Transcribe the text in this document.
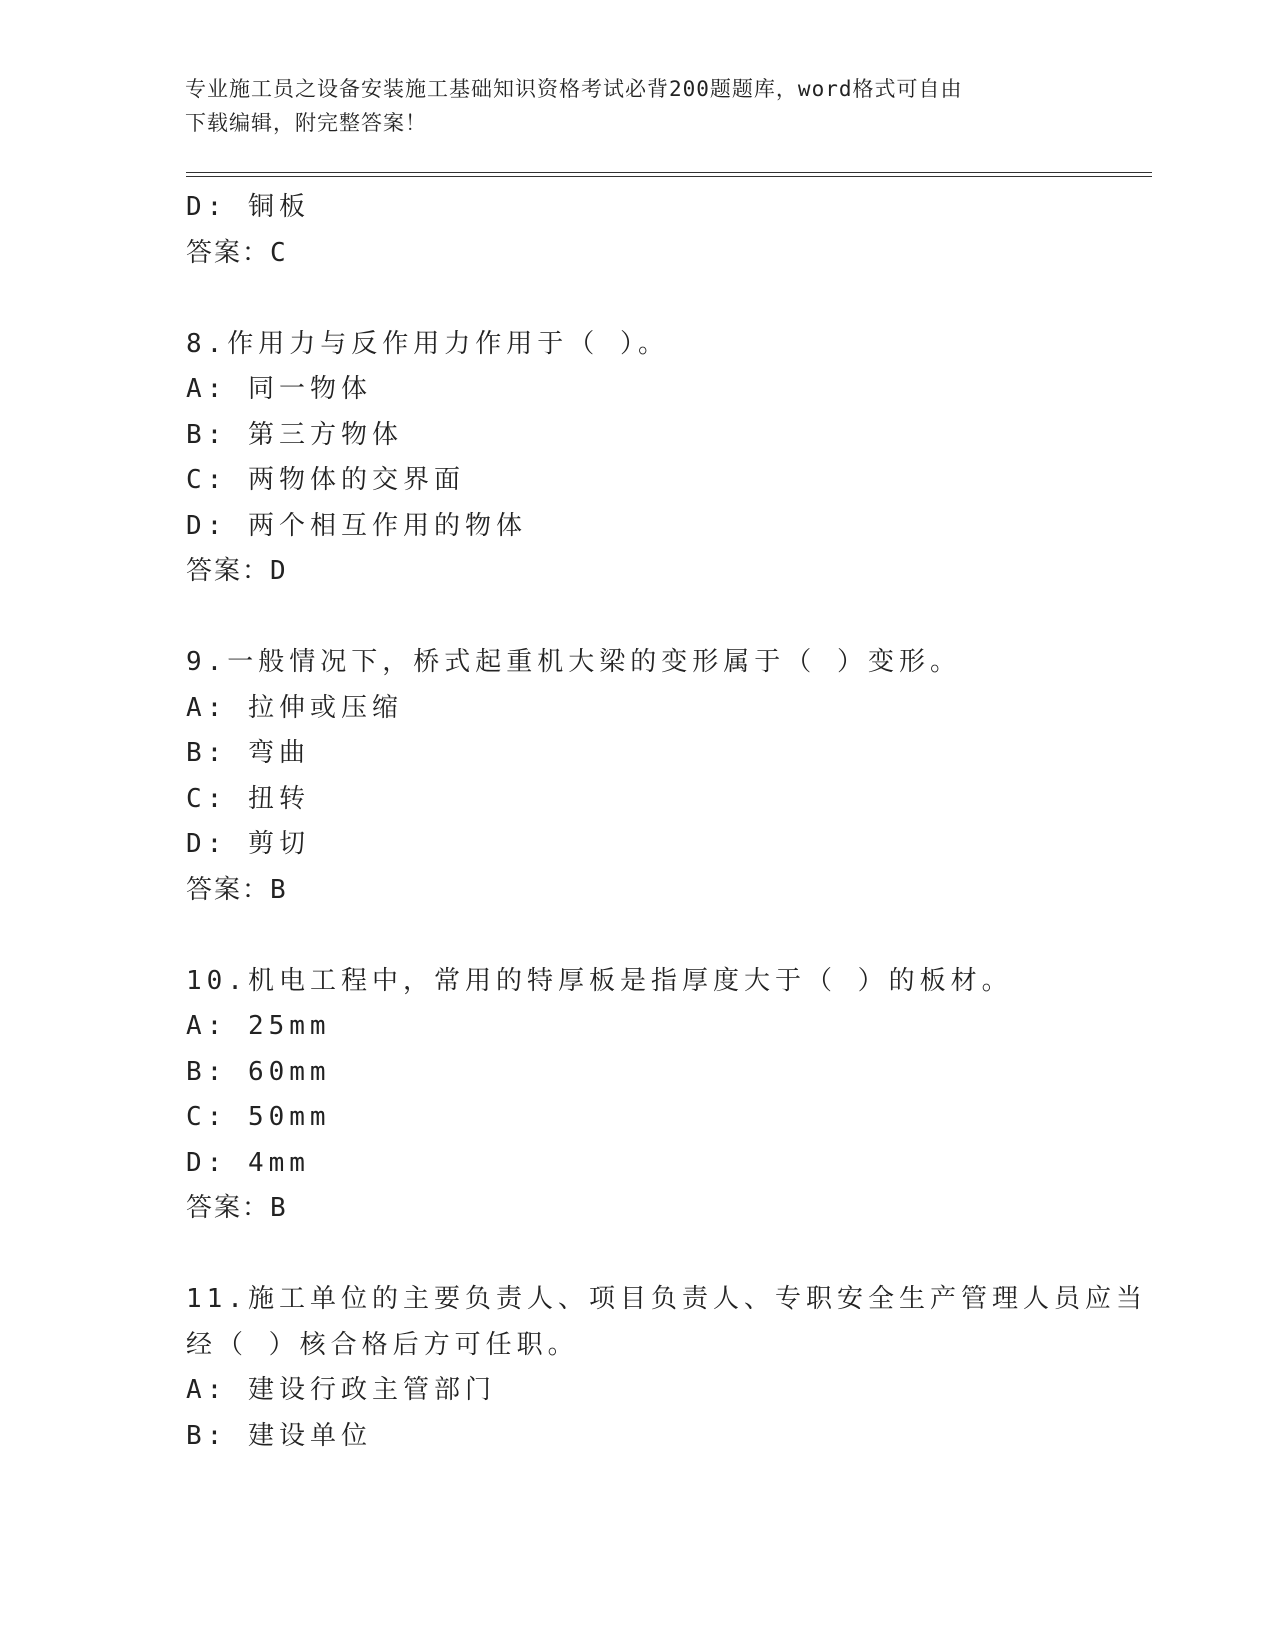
专业施工员之设备安装施工基础知识资格考试必背200题题库，word格式可自由
下载编辑，附完整答案！
D: 铜板
答案：C
8.作用力与反作用力作用于（ ）。
A: 同一物体
B: 第三方物体
C: 两物体的交界面
D: 两个相互作用的物体
答案：D
9.一般情况下，桥式起重机大梁的变形属于（ ）变形。
A: 拉伸或压缩
B: 弯曲
C: 扭转
D: 剪切
答案：B
10.机电工程中，常用的特厚板是指厚度大于（ ）的板材。
A: 25mm
B: 60mm
C: 50mm
D: 4mm
答案：B
11.施工单位的主要负责人、项目负责人、专职安全生产管理人员应当
经（ ）核合格后方可任职。
A: 建设行政主管部门
B: 建设单位
